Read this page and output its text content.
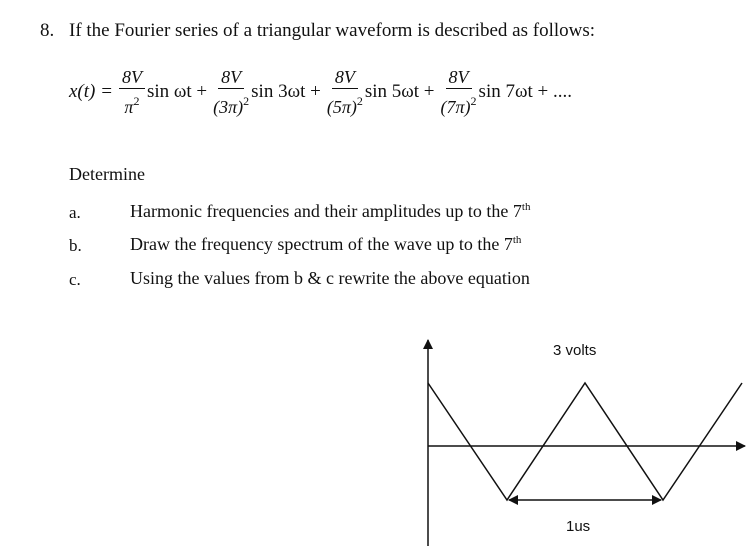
8. If the Fourier series of a triangular waveform is described as follows:
$x(t) = \frac{8V}{\pi^2}$ $\sin \omega t + \frac{8V}{(3\pi)^2}$ $\sin 3\omega t + \frac{8V}{(5\pi)^2}$ $\sin 5\omega t + \frac{8V}{(7\pi)^2}$ sin 7ωt + ....
Determine
a.	Harmonic frequencies and their amplitudes up to the 7th
b.	Draw the frequency spectrum of the wave up to the 7th
c.	Using the values from b & c rewrite the above equation
3 volts
1us
